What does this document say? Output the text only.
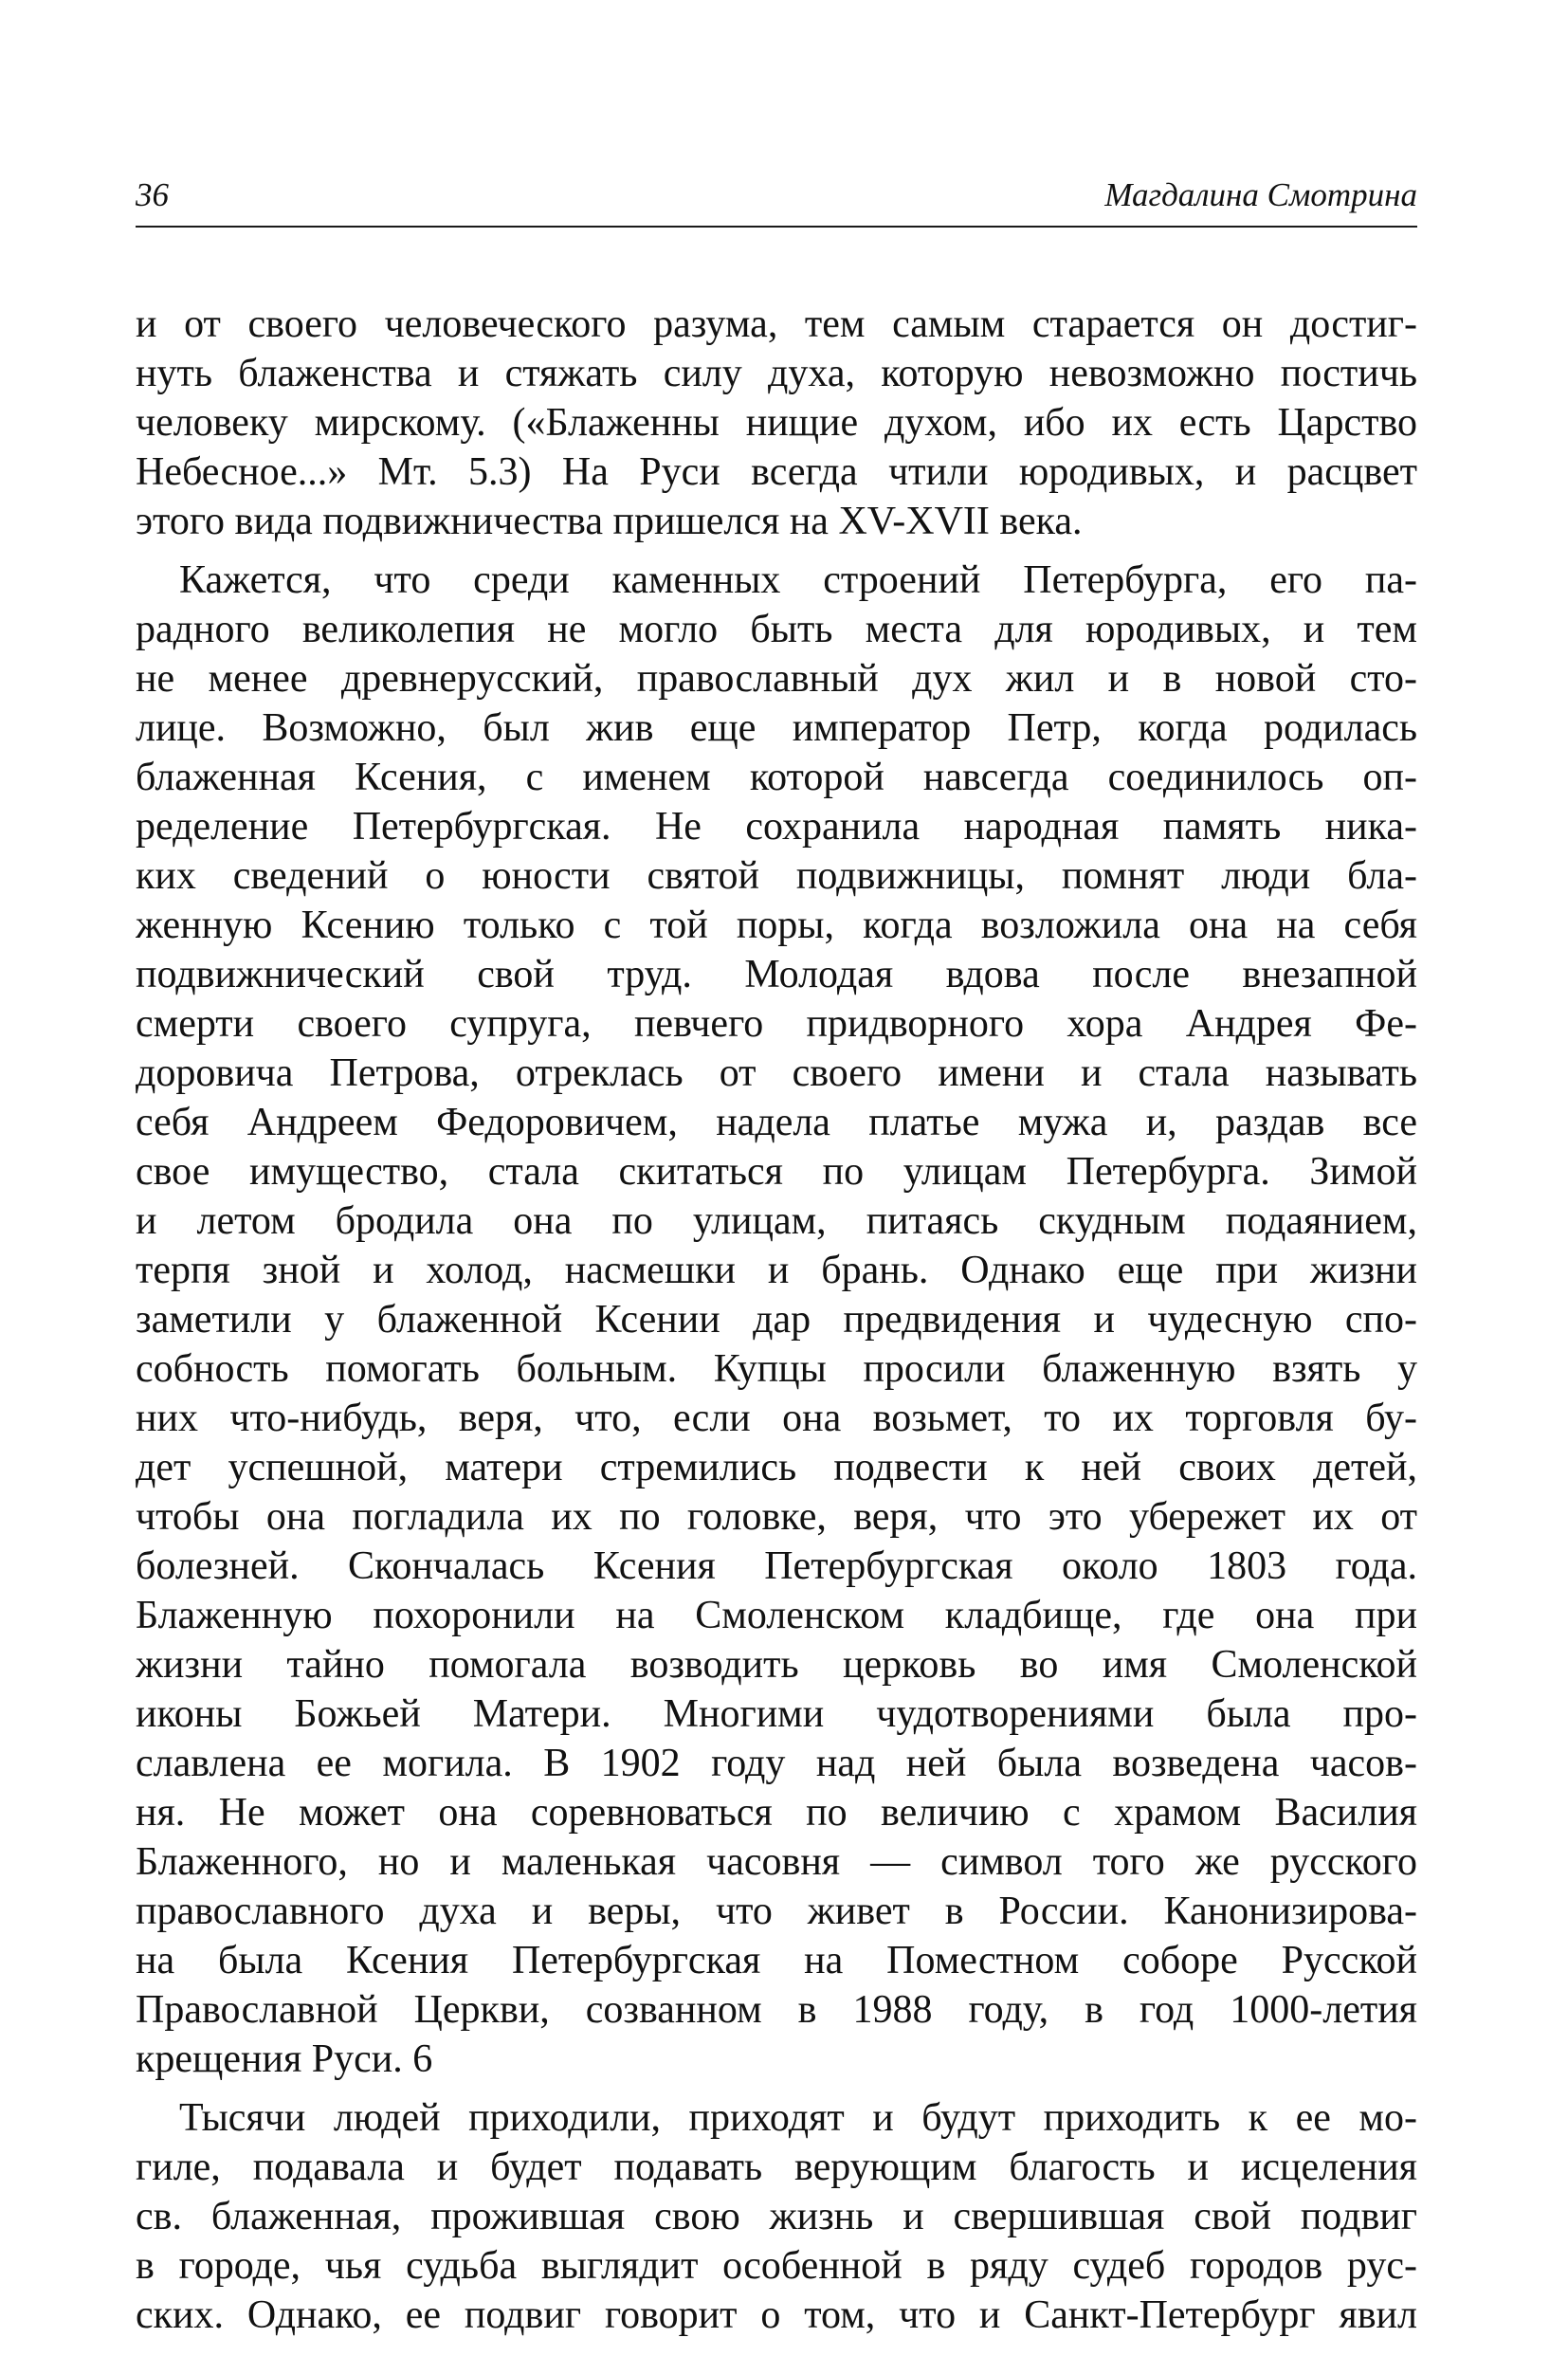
36	Магдалина Смотрина
и от своего человеческого разума, тем самым старается он достиг-
нуть блаженства и стяжать силу духа, которую невозможно постичь
человеку мирскому. («Блаженны нищие духом, ибо их есть Царство
Небесное...» Мт. 5.3) На Руси всегда чтили юродивых, и расцвет
этого вида подвижничества пришелся на XV-XVII века.
Кажется, что среди каменных строений Петербурга, его па-
радного великолепия не могло быть места для юродивых, и тем
не менее древнерусский, православный дух жил и в новой сто-
лице. Возможно, был жив еще император Петр, когда родилась
блаженная Ксения, с именем которой навсегда соединилось оп-
ределение Петербургская. Не сохранила народная память ника-
ких сведений о юности святой подвижницы, помнят люди бла-
женную Ксению только с той поры, когда возложила она на себя
подвижнический свой труд. Молодая вдова после внезапной
смерти своего супруга, певчего придворного хора Андрея Фе-
доровича Петрова, отреклась от своего имени и стала называть
себя Андреем Федоровичем, надела платье мужа и, раздав все
свое имущество, стала скитаться по улицам Петербурга. Зимой
и летом бродила она по улицам, питаясь скудным подаянием,
терпя зной и холод, насмешки и брань. Однако еще при жизни
заметили у блаженной Ксении дар предвидения и чудесную спо-
собность помогать больным. Купцы просили блаженную взять у
них что-нибудь, веря, что, если она возьмет, то их торговля бу-
дет успешной, матери стремились подвести к ней своих детей,
чтобы она погладила их по головке, веря, что это убережет их от
болезней. Скончалась Ксения Петербургская около 1803 года.
Блаженную похоронили на Смоленском кладбище, где она при
жизни тайно помогала возводить церковь во имя Смоленской
иконы Божьей Матери. Многими чудотворениями была про-
славлена ее могила. В 1902 году над ней была возведена часов-
ня. Не может она соревноваться по величию с храмом Василия
Блаженного, но и маленькая часовня — символ того же русского
православного духа и веры, что живет в России. Канонизирова-
на была Ксения Петербургская на Поместном соборе Русской
Православной Церкви, созванном в 1988 году, в год 1000-летия
крещения Руси. 6
Тысячи людей приходили, приходят и будут приходить к ее мо-
гиле, подавала и будет подавать верующим благость и исцеления
св. блаженная, прожившая свою жизнь и свершившая свой подвиг
в городе, чья судьба выглядит особенной в ряду судеб городов рус-
ских. Однако, ее подвиг говорит о том, что и Санкт-Петербург явил
